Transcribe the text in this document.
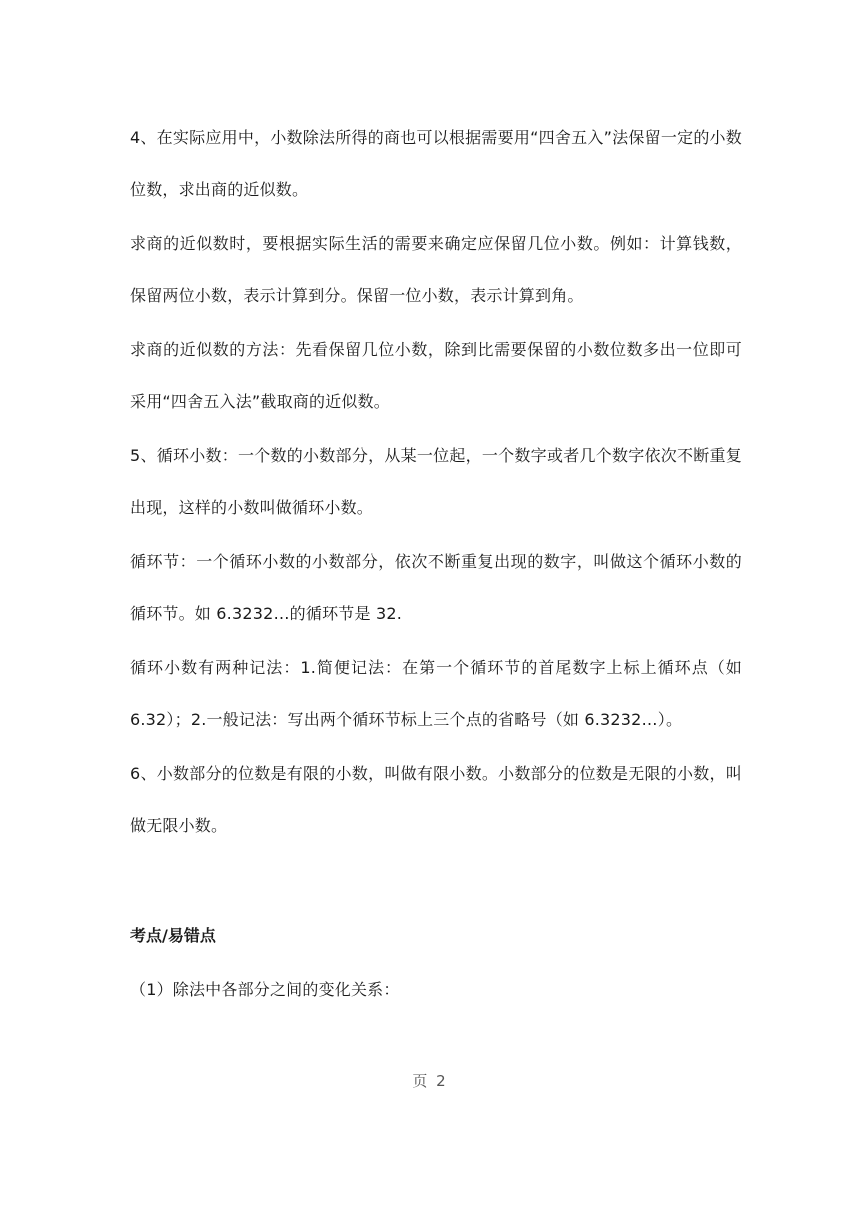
4、在实际应用中，小数除法所得的商也可以根据需要用“四舍五入”法保留一定的小数位数，求出商的近似数。

求商的近似数时，要根据实际生活的需要来确定应保留几位小数。例如：计算钱数，保留两位小数，表示计算到分。保留一位小数，表示计算到角。

求商的近似数的方法：先看保留几位小数，除到比需要保留的小数位数多出一位即可采用“四舍五入法”截取商的近似数。

5、循环小数：一个数的小数部分，从某一位起，一个数字或者几个数字依次不断重复出现，这样的小数叫做循环小数。

循环节：一个循环小数的小数部分，依次不断重复出现的数字，叫做这个循环小数的循环节。如 6.3232…的循环节是 32.

循环小数有两种记法：1.简便记法：在第一个循环节的首尾数字上标上循环点（如 6.32）；2.一般记法：写出两个循环节标上三个点的省略号（如 6.3232…）。

6、小数部分的位数是有限的小数，叫做有限小数。小数部分的位数是无限的小数，叫做无限小数。

考点/易错点

（1）除法中各部分之间的变化关系：

页 2
